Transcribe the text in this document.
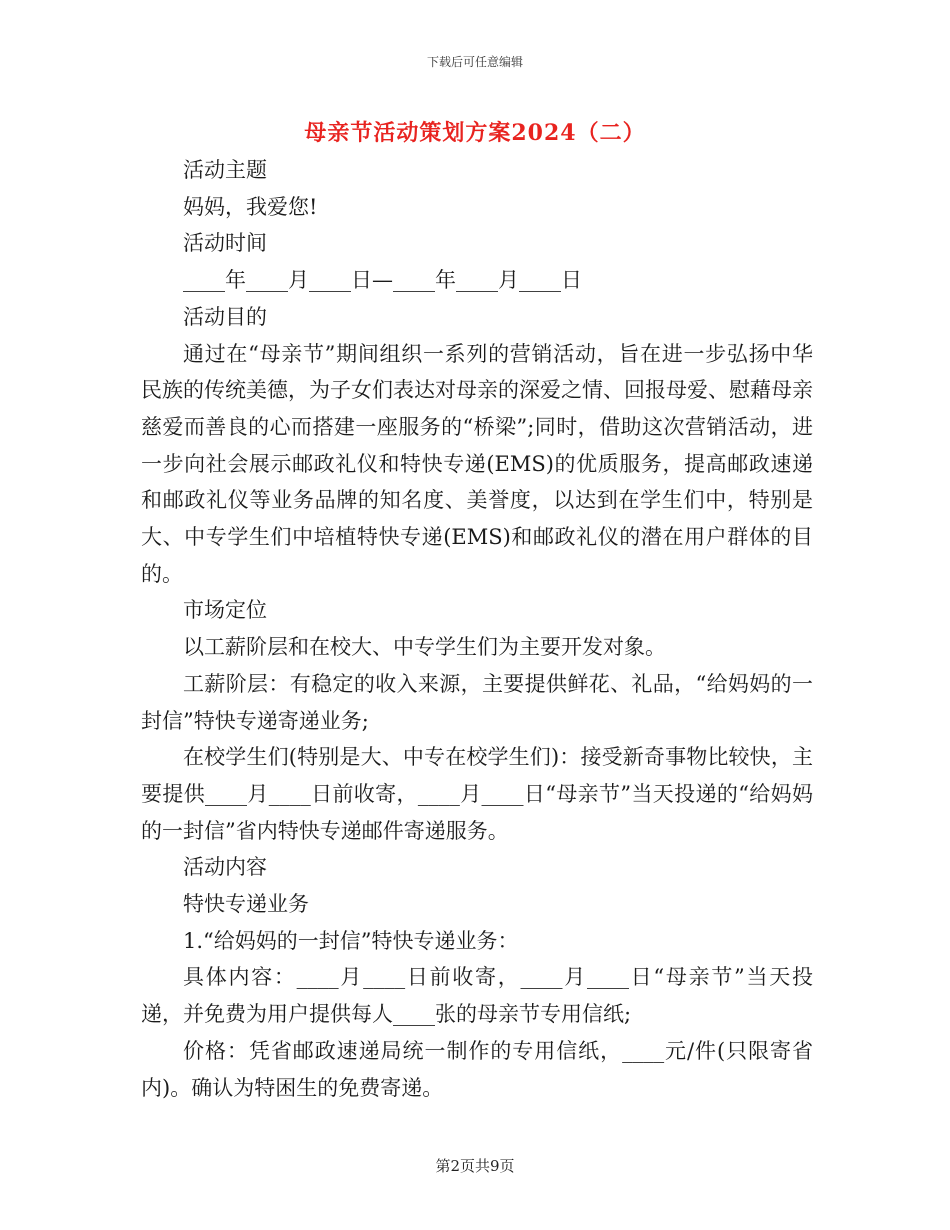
下载后可任意编辑
母亲节活动策划方案2024（二）

活动主题

妈妈，我爱您!

活动时间

____年____月____日—____年____月____日

活动目的

通过在“母亲节”期间组织一系列的营销活动，旨在进一步弘扬中华民族的传统美德，为子女们表达对母亲的深爱之情、回报母爱、慰藉母亲慈爱而善良的心而搭建一座服务的“桥梁”;同时，借助这次营销活动，进一步向社会展示邮政礼仪和特快专递(EMS)的优质服务，提高邮政速递和邮政礼仪等业务品牌的知名度、美誉度，以达到在学生们中，特别是大、中专学生们中培植特快专递(EMS)和邮政礼仪的潜在用户群体的目的。

市场定位

以工薪阶层和在校大、中专学生们为主要开发对象。

工薪阶层：有稳定的收入来源，主要提供鲜花、礼品，“给妈妈的一封信”特快专递寄递业务;

在校学生们(特别是大、中专在校学生们)：接受新奇事物比较快，主要提供____月____日前收寄，____月____日“母亲节”当天投递的“给妈妈的一封信”省内特快专递邮件寄递服务。

活动内容

特快专递业务

1.“给妈妈的一封信”特快专递业务：

具体内容：____月____日前收寄，____月____日“母亲节”当天投递，并免费为用户提供每人____张的母亲节专用信纸;

价格：凭省邮政速递局统一制作的专用信纸，____元/件(只限寄省内)。确认为特困生的免费寄递。

第2页共9页
